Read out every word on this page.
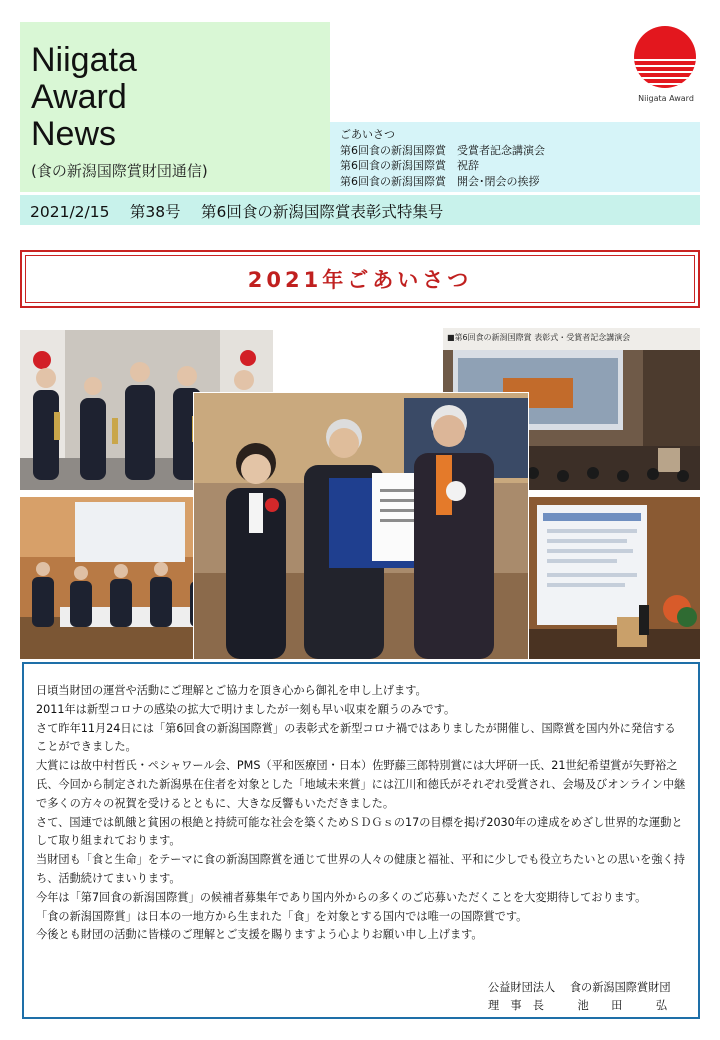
Niigata
Award
News
(食の新潟国際賞財団通信)
Niigata Award
ごあいさつ
第6回食の新潟国際賞　受賞者記念講演会
第6回食の新潟国際賞　祝辞
第6回食の新潟国際賞　開会･閉会の挨拶
2021/2/15　 第38号　 第6回食の新潟国際賞表彰式特集号
2021年ごあいさつ
■第6回食の新潟国際賞 表彰式・受賞者記念講演会

日頃当財団の運営や活動にご理解とご協力を頂き心から御礼を申し上げます。

2011年は新型コロナの感染の拡大で明けましたが一刻も早い収束を願うのみです。

さて昨年11月24日には「第6回食の新潟国際賞」の表彰式を新型コロナ禍ではありましたが開催し、国際賞を国内外に発信することができました。

大賞には故中村哲氏・ペシャワール会、PMS（平和医療団・日本）佐野藤三郎特別賞には大坪研一氏、21世紀希望賞が矢野裕之氏、今回から制定された新潟県在住者を対象とした「地域未来賞」には江川和徳氏がそれぞれ受賞され、会場及びオンライン中継で多くの方々の祝賀を受けるとともに、大きな反響もいただきました。

さて、国連では飢餓と貧困の根絶と持続可能な社会を築くためＳＤＧｓの17の目標を掲げ2030年の達成をめざし世界的な運動として取り組まれております。

当財団も「食と生命」をテーマに食の新潟国際賞を通じて世界の人々の健康と福祉、平和に少しでも役立ちたいとの思いを強く持ち、活動続けてまいります。

今年は「第7回食の新潟国際賞」の候補者募集年であり国内外からの多くのご応募いただくことを大変期待しております。

「食の新潟国際賞」は日本の一地方から生まれた「食」を対象とする国内では唯一の国際賞です。

今後とも財団の活動に皆様のご理解とご支援を賜りますよう心よりお願い申し上げます。

公益財団法人　 食の新潟国際賞財団
理　事　長　　　池　　田　　　弘
